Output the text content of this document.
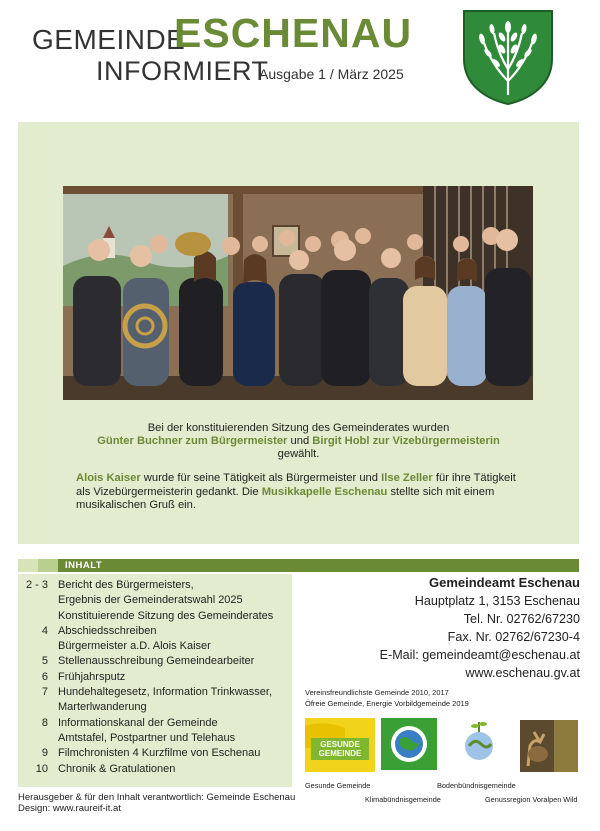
GEMEINDE
ESCHENAU
INFORMIERT
Ausgabe 1 / März 2025
Bei der konstituierenden Sitzung des Gemeinderates wurden
Günter Buchner zum Bürgermeister und Birgit Hobl zur Vizebürgermeisterin
gewählt.
Alois Kaiser wurde für seine Tätigkeit als Bürgermeister und Ilse Zeller für ihre Tätigkeit als Vizebürgermeisterin gedankt. Die Musikkapelle Eschenau stellte sich mit einem musikalischen Gruß ein.
INHALT
2 - 3 Bericht des Bürgermeisters,
Ergebnis der Gemeinderatswahl 2025
Konstituierende Sitzung des Gemeinderates
4 Abschiedsschreiben
Bürgermeister a.D. Alois Kaiser
5 Stellenausschreibung Gemeindearbeiter
6 Frühjahrsputz
7 Hundehaltegesetz, Information Trinkwasser,
Marterlwanderung
8 Informationskanal der Gemeinde
Amtstafel, Postpartner und Telehaus
9 Filmchronisten 4 Kurzfilme von Eschenau
10 Chronik & Gratulationen
Gemeindeamt Eschenau
Hauptplatz 1, 3153 Eschenau
Tel. Nr. 02762/67230
Fax. Nr. 02762/67230-4
E-Mail: gemeindeamt@eschenau.at
www.eschenau.gv.at
Vereinsfreundlichste Gemeinde 2010, 2017
Öfreie Gemeinde, Energie Vorbildgemeinde 2019
GESUNDE
GEMEINDE
Gesunde Gemeinde
Klimabündnisgemeinde
Bodenbündnisgemeinde
Genussregion Voralpen Wild
Herausgeber & für den Inhalt verantwortlich: Gemeinde Eschenau
Design: www.raureif-it.at
